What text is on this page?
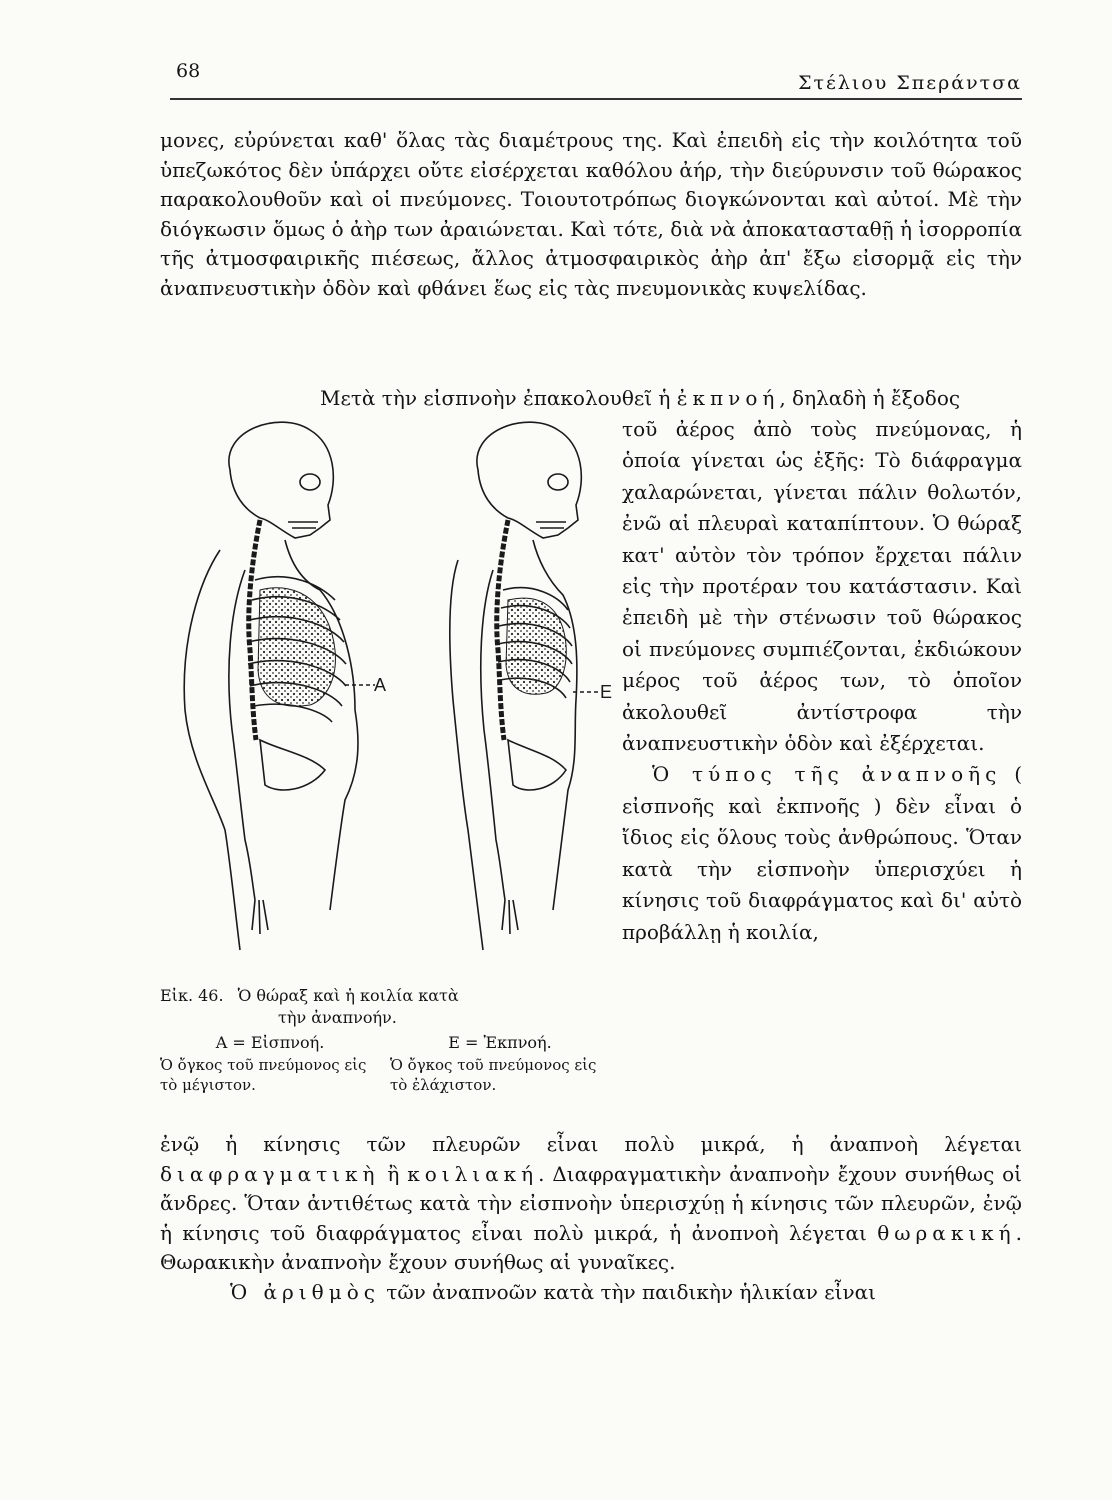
68
Στέλιου Σπεράντσα

μονες, εὐρύνεται καθ' ὅλας τὰς διαμέτρους της. Καὶ ἐπειδὴ εἰς τὴν κοιλότητα τοῦ ὑπεζωκότος δὲν ὑπάρχει οὔτε εἰσέρχεται καθόλου ἀήρ, τὴν διεύρυνσιν τοῦ θώρακος παρακολουθοῦν καὶ οἱ πνεύμονες. Τοιουτοτρόπως διογκώνονται καὶ αὐτοί. Μὲ τὴν διόγκωσιν ὅμως ὁ ἀὴρ των ἀραιώνεται. Καὶ τότε, διὰ νὰ ἀποκατασταθῇ ἡ ἰσορροπία τῆς ἀτμοσφαιρικῆς πιέσεως, ἄλλος ἀτμοσφαιρικὸς ἀὴρ ἀπ' ἔξω εἰσορμᾷ εἰς τὴν ἀναπνευστικὴν ὁδὸν καὶ φθάνει ἕως εἰς τὰς πνευμονικὰς κυψελίδας.

Μετὰ τὴν εἰσπνοὴν ἐπακολουθεῖ ἡ ἐκπνοή, δηλαδὴ ἡ ἔξοδος

τοῦ ἀέρος ἀπὸ τοὺς πνεύμονας, ἡ ὁποία γίνεται ὡς ἑξῆς: Τὸ διάφραγμα χαλαρώνεται, γίνεται πάλιν θολωτόν, ἐνῶ αἱ πλευραὶ καταπίπτουν. Ὁ θώραξ κατ' αὐτὸν τὸν τρόπον ἔρχεται πάλιν εἰς τὴν προτέραν του κατάστασιν. Καὶ ἐπειδὴ μὲ τὴν στένωσιν τοῦ θώρακος οἱ πνεύμονες συμπιέζονται, ἐκδιώκουν μέρος τοῦ ἀέρος των, τὸ ὁποῖον ἀκολουθεῖ ἀντίστροφα τὴν ἀναπνευστικὴν ὁδὸν καὶ ἐξέρχεται.

Ὁ τύπος τῆς ἀναπνοῆς ( εἰσπνοῆς καὶ ἐκπνοῆς ) δὲν εἶναι ὁ ἴδιος εἰς ὅλους τοὺς ἀνθρώπους. Ὅταν κατὰ τὴν εἰσπνοὴν ὑπερισχύει ἡ κίνησις τοῦ διαφράγματος καὶ δι' αὐτὸ προβάλλῃ ἡ κοιλία,

A	E

Εἰκ. 46. Ὁ θώραξ καὶ ἡ κοιλία κατὰ
τὴν ἀναπνοήν.

Α = Εἰσπνοή.
Ὁ ὄγκος τοῦ πνεύμονος εἰς τὸ μέγιστον.
Ε = Ἐκπνοή.
Ὁ ὄγκος τοῦ πνεύμονος εἰς τὸ ἐλάχιστον.

ἐνῷ ἡ κίνησις τῶν πλευρῶν εἶναι πολὺ μικρά, ἡ ἀναπνοὴ λέγεται διαφραγματικὴ ἢ κοιλιακή. Διαφραγματικὴν ἀναπνοὴν ἔχουν συνήθως οἱ ἄνδρες. Ὅταν ἀντιθέτως κατὰ τὴν εἰσπνοὴν ὑπερισχύῃ ἡ κίνησις τῶν πλευρῶν, ἐνῷ ἡ κίνησις τοῦ διαφράγματος εἶναι πολὺ μικρά, ἡ ἀνοπνοὴ λέγεται θωρακική. Θωρακικὴν ἀναπνοὴν ἔχουν συνήθως αἱ γυναῖκες.

Ὁ ἀριθμὸς τῶν ἀναπνοῶν κατὰ τὴν παιδικὴν ἡλικίαν εἶναι
